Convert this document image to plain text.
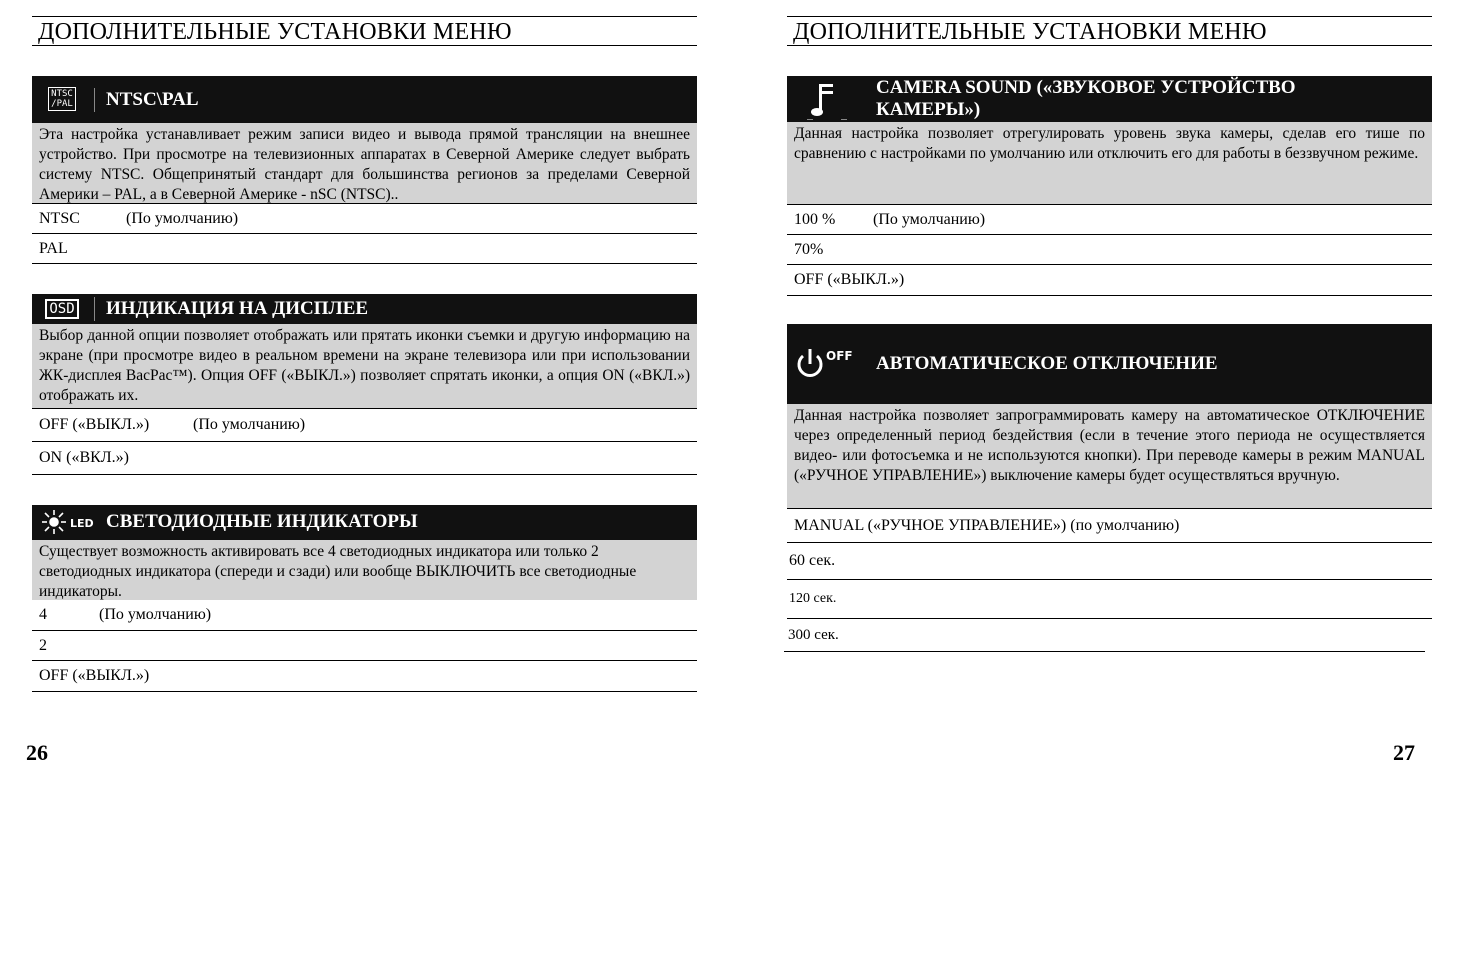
ДОПОЛНИТЕЛЬНЫЕ УСТАНОВКИ МЕНЮ
NTSC
/PAL NTSC\PAL
Эта настройка устанавливает режим записи видео и вывода прямой трансляции на внешнее устройство. При просмотре на телевизионных аппаратах в Северной Америке следует выбрать систему NTSC. Общепринятый стандарт для большинства регионов за пределами Северной Америки – PAL, а в Северной Америке - nSC (NTSC)..
NTSC	(По умолчанию)
PAL
OSD ИНДИКАЦИЯ НА ДИСПЛЕЕ
Выбор данной опции позволяет отображать или прятать иконки съемки и другую информацию на экране (при просмотре видео в реальном времени на экране телевизора или при использовании ЖК-дисплея BacPac™). Опция OFF («ВЫКЛ.») позволяет спрятать иконки, а опция ON («ВКЛ.») отображать их.
OFF («ВЫКЛ.»)	(По умолчанию)
ON («ВКЛ.»)
LED СВЕТОДИОДНЫЕ ИНДИКАТОРЫ
Существует возможность активировать все 4 светодиодных индикатора или только 2 светодиодных индикатора (спереди и сзади) или вообще ВЫКЛЮЧИТЬ все светодиодные индикаторы.
4	(По умолчанию)
2
OFF («ВЫКЛ.»)
26
ДОПОЛНИТЕЛЬНЫЕ УСТАНОВКИ МЕНЮ
CAMERA SOUND («ЗВУКОВОЕ УСТРОЙСТВО
КАМЕРЫ»)
Данная настройка позволяет отрегулировать уровень звука камеры, сделав его тише по сравнению с настройками по умолчанию или отключить его для работы в беззвучном режиме.
100 %	(По умолчанию)
70%
OFF («ВЫКЛ.»)
OFF АВТОМАТИЧЕСКОЕ ОТКЛЮЧЕНИЕ
Данная настройка позволяет запрограммировать камеру на автоматическое ОТКЛЮЧЕНИЕ через определенный период бездействия (если в течение этого периода не осуществляется видео- или фотосъемка и не используются кнопки). При переводе камеры в режим MANUAL («РУЧНОЕ УПРАВЛЕНИЕ») выключение камеры будет осуществляться вручную.
MANUAL («РУЧНОЕ УПРАВЛЕНИЕ») (по умолчанию)
60 сек.
120 сек.
300 сек.
27
